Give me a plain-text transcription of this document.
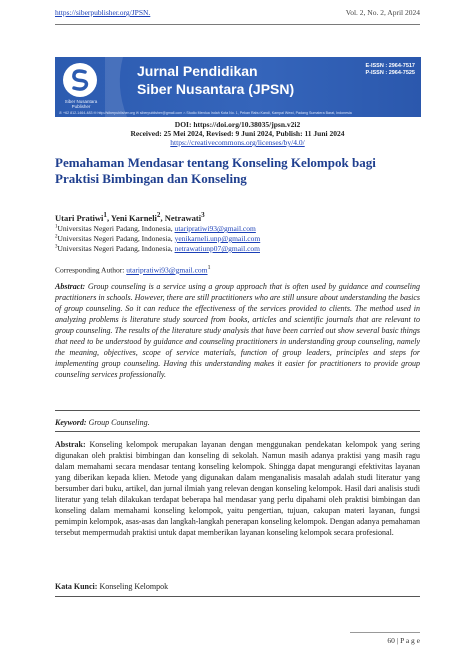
https://siberpublisher.org/JPSN.	Vol. 2, No. 2, April 2024
Siber Nusantara
Publisher
Jurnal Pendidikan
Siber Nusantara (JPSN)
E-ISSN : 2964-7517
P-ISSN : 2964-7525
✆ +62 812-1464-483 ✉ http://siberpublisher.org ✉ siberpublisher@gmail.com ⌂ Studio Merdua Indah Kota No. 1, Pekan Rabu Kandi, Kampai Wewi, Padang Sumatera Barat, Indonesia
DOI: https://doi.org/10.38035/jpsn.v2i2
Received: 25 Mei 2024, Revised: 9 Juni 2024, Publish: 11 Juni 2024
https://creativecommons.org/licenses/by/4.0/
Pemahaman Mendasar tentang Konseling Kelompok bagi
Praktisi Bimbingan dan Konseling
Utari Pratiwi$^1$, Yeni Karneli$^2$, Netrawati$^3$
$^1$Universitas Negeri Padang, Indonesia, utaripratiwi93@gmail.com
$^2$Universitas Negeri Padang, Indonesia, yenikarneli.unp@gmail.com
$^3$Universitas Negeri Padang, Indonesia, netrawatiunp07@gmail.com
Corresponding Author: utaripratiwi93@gmail.com$^1$
Abstract: Group counseling is a service using a group approach that is often used by guidance and counseling practitioners in schools. However, there are still practitioners who are still unsure about understanding the basics of group counseling. So it can reduce the effectiveness of the services provided to clients. The method used in analyzing problems is literature study sourced from books, articles and scientific journals that are relevant to group counseling. The results of the literature study analysis that have been carried out show several basic things that need to be understood by guidance and counseling practitioners in understanding group counseling, namely the meaning, objectives, scope of service materials, function of group leaders, principles and steps for implementing group counseling. Having this understanding makes it easier for practitioners to provide group counseling services professionally.
Keyword: Group Counseling.
Abstrak: Konseling kelompok merupakan layanan dengan menggunakan pendekatan kelompok yang sering digunakan oleh praktisi bimbingan dan konseling di sekolah. Namun masih adanya praktisi yang masih ragu dalam memahami secara mendasar tentang konseling kelompok. Shingga dapat mengurangi efektivitas layanan yang diberikan kepada klien. Metode yang digunakan dalam menganalisis masalah adalah studi literatur yang bersumber dari buku, artikel, dan jurnal ilmiah yang relevan dengan konseling kelompok. Hasil dari analisis studi literatur yang telah dilakukan terdapat beberapa hal mendasar yang perlu dipahami oleh praktisi bimbingan dan konseling dalam memahami konseling kelompok, yaitu pengertian, tujuan, cakupan materi layanan, fungsi pemimpin kelompok, asas-asas dan langkah-langkah penerapan konseling kelompok. Dengan adanya pemahaman tersebut mempermudah praktisi untuk dapat memberikan layanan konseling kelompok secara profesional.
Kata Kunci: Konseling Kelompok
60 | P a g e
